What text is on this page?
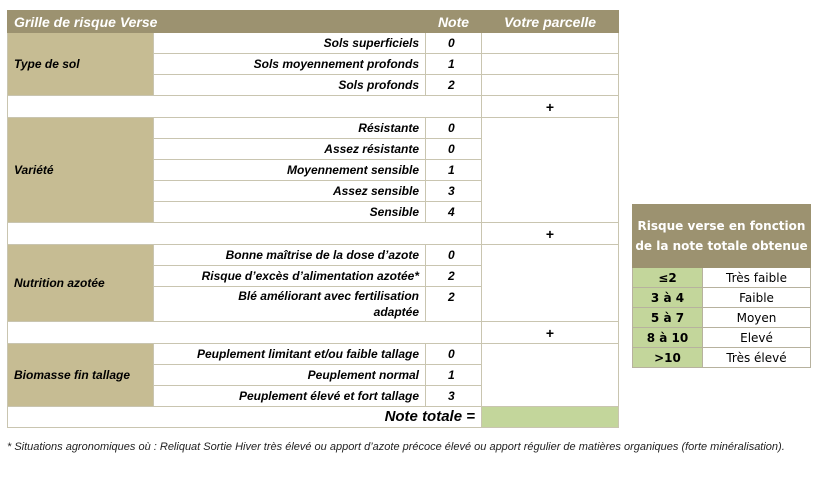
Grille de risque Verse		Note	Votre parcelle
Type de sol	Sols superficiels	0	
	Sols moyennement profonds	1	
	Sols profonds	2	
			+
Variété	Résistante	0	
	Assez résistante	0	
	Moyennement sensible	1	
	Assez sensible	3	
	Sensible	4	
			+
Nutrition azotée	Bonne maîtrise de la dose d’azote	0	
	Risque d’excès d’alimentation azotée*	2	
	Blé améliorant avec fertilisation adaptée	2	
			+
Biomasse fin tallage	Peuplement limitant et/ou faible tallage	0	
	Peuplement normal	1	
	Peuplement élevé et fort tallage	3	
Note totale =			
Risque verse en fonction de la note totale obtenue	
≤2	Très faible
3 à 4	Faible
5 à 7	Moyen
8 à 10	Elevé
>10	Très élevé
* Situations agronomiques où : Reliquat Sortie Hiver très élevé ou apport d’azote précoce élevé ou apport régulier de matières organiques (forte minéralisation).
